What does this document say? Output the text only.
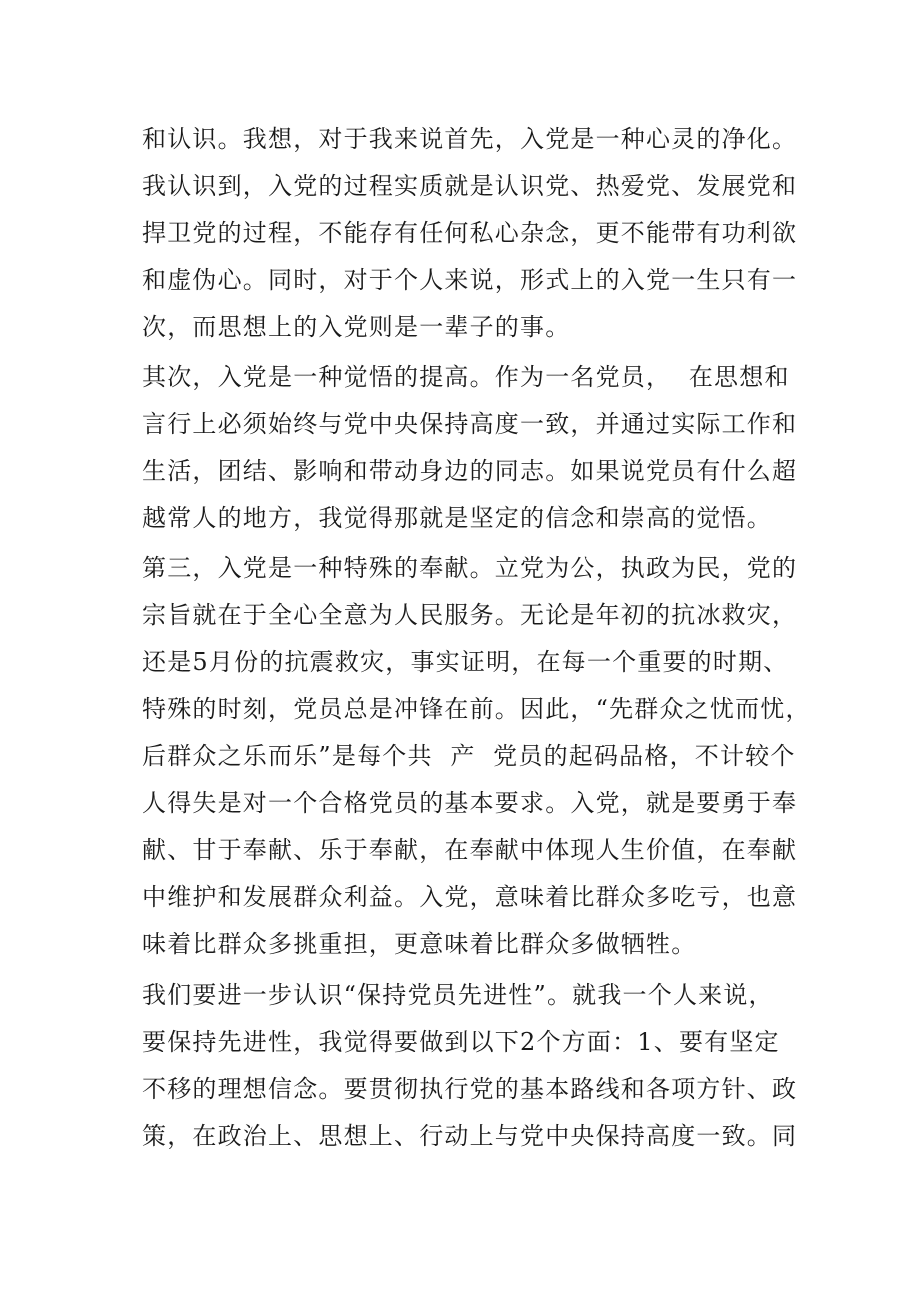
和认识。我想，对于我来说首先，入党是一种心灵的净化。
我认识到，入党的过程实质就是认识党、热爱党、发展党和
捍卫党的过程，不能存有任何私心杂念，更不能带有功利欲
和虚伪心。同时，对于个人来说，形式上的入党一生只有一
次，而思想上的入党则是一辈子的事。
其次，入党是一种觉悟的提高。作为一名党员，  在思想和
言行上必须始终与党中央保持高度一致，并通过实际工作和
生活，团结、影响和带动身边的同志。如果说党员有什么超
越常人的地方，我觉得那就是坚定的信念和崇高的觉悟。
第三，入党是一种特殊的奉献。立党为公，执政为民，党的
宗旨就在于全心全意为人民服务。无论是年初的抗冰救灾，
还是5月份的抗震救灾，事实证明，在每一个重要的时期、
特殊的时刻，党员总是冲锋在前。因此，“先群众之忧而忧，
后群众之乐而乐”是每个共  产  党员的起码品格，不计较个
人得失是对一个合格党员的基本要求。入党，就是要勇于奉
献、甘于奉献、乐于奉献，在奉献中体现人生价值，在奉献
中维护和发展群众利益。入党，意味着比群众多吃亏，也意
味着比群众多挑重担，更意味着比群众多做牺牲。
我们要进一步认识“保持党员先进性”。就我一个人来说，
要保持先进性，我觉得要做到以下2个方面：1、要有坚定
不移的理想信念。要贯彻执行党的基本路线和各项方针、政
策，在政治上、思想上、行动上与党中央保持高度一致。同
